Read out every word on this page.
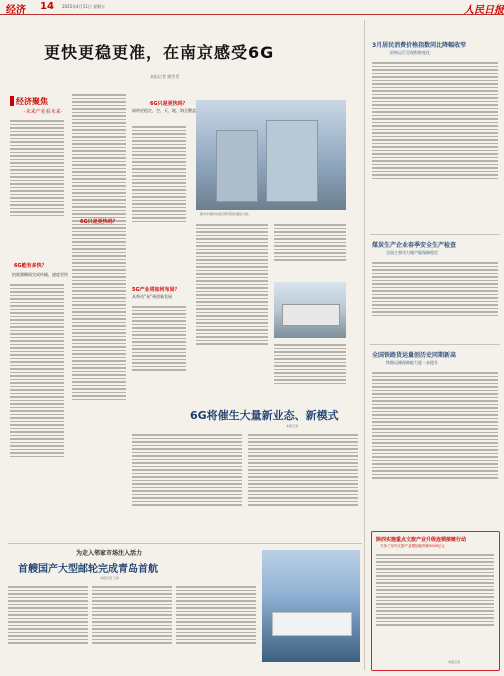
经济 14 2025年4月11日 星期五	人民日报
更快更稳更准，在南京感受6G
本报记者 姚雪青
经济聚焦
·未来产业看未来·
6G能有多快？
拍视频瞬间完成传输，速度更快
6G只是更快吗？
6G只是更快吗？
网络更稳定，空、天、地、海全覆盖
5G产业将如何布局？
从带动“星”到创新发展
图为中国移动南京研究院和通信大楼。
6G将催生大量新业态、新模式
本报记者
为走入邻家市场注入活力
首艘国产大型邮轮完成青岛首航
本报记者 王沛
3月居民消费价格指数同比降幅收窄
价格运行呈现积极变化
煤炭生产企业春季安全生产检查
全国主要动力煤产能保障稳定
全国铁路货运量创历史同期新高
铁路运输保障能力进一步提升
陕西实施重点文旅产业升级连锁接链行动
力争三年内文旅产业增加值突破3000亿元
本报记者
